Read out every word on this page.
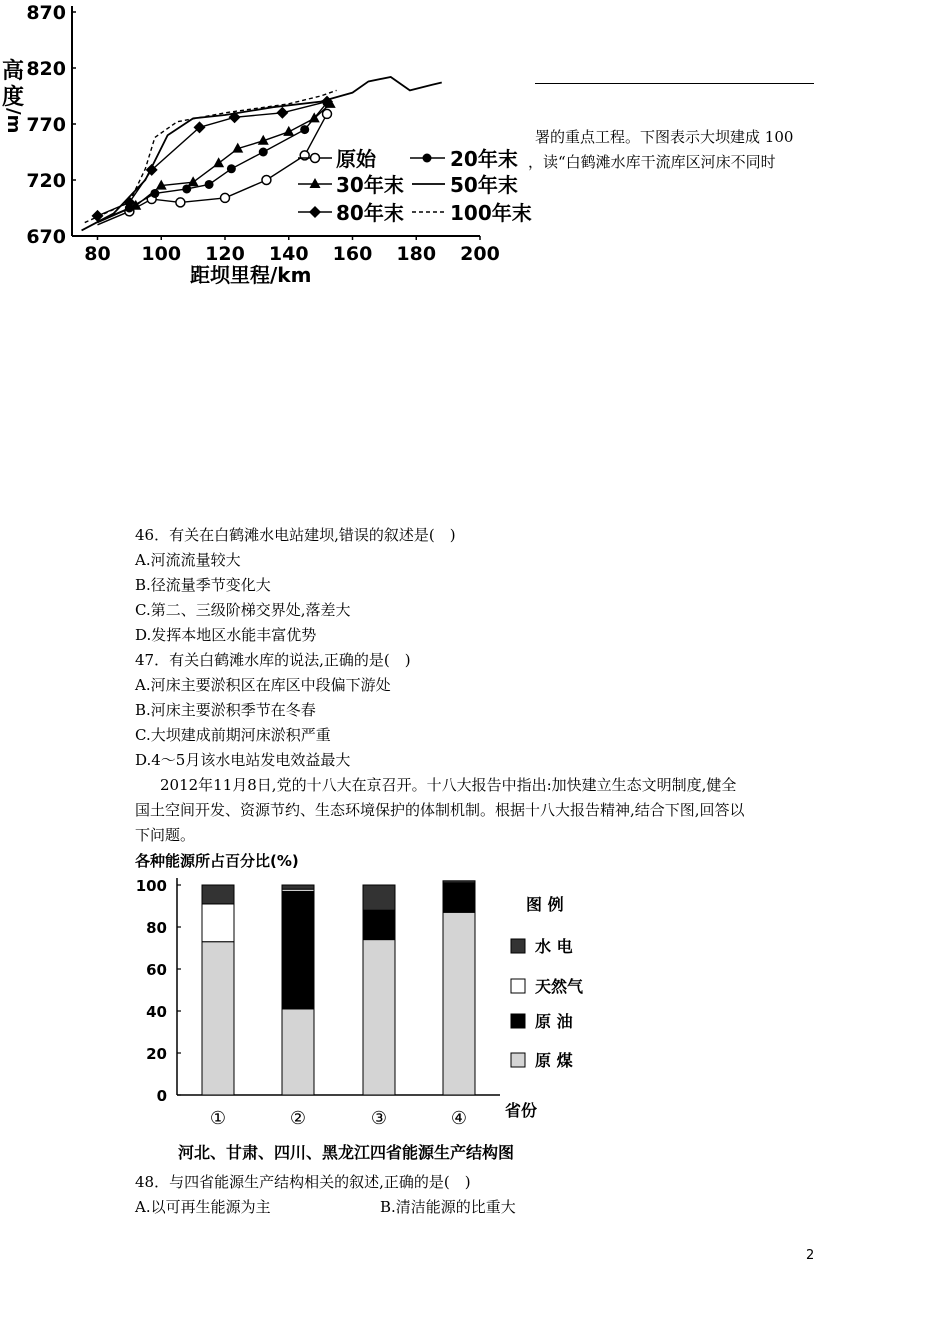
高
度
/m
870
820
770
720
670
80 100 120 140 160 180 200
距坝里程/km
原始	20年末
30年末 50年末
80年末 100年末
署的重点工程。下图表示大坝建成 100
，读“白鹤滩水库干流库区河床不同时
46．有关在白鹤滩水电站建坝,错误的叙述是(　)
A.河流流量较大
B.径流量季节变化大
C.第二、三级阶梯交界处,落差大
D.发挥本地区水能丰富优势
47．有关白鹤滩水库的说法,正确的是(　)
A.河床主要淤积区在库区中段偏下游处
B.河床主要淤积季节在冬春
C.大坝建成前期河床淤积严重
D.4～5月该水电站发电效益最大
2012年11月8日,党的十八大在京召开。十八大报告中指出:加快建立生态文明制度,健全
国土空间开发、资源节约、生态环境保护的体制机制。根据十八大报告精神,结合下图,回答以
下问题。
各种能源所占百分比(%)
100
80
60
40
20
0
①	②	③	④ 省份
河北、甘肃、四川、黑龙江四省能源生产结构图
图 例
水 电
天然气
原 油
原 煤
48．与四省能源生产结构相关的叙述,正确的是(　)
A.以可再生能源为主	B.清洁能源的比重大
2
